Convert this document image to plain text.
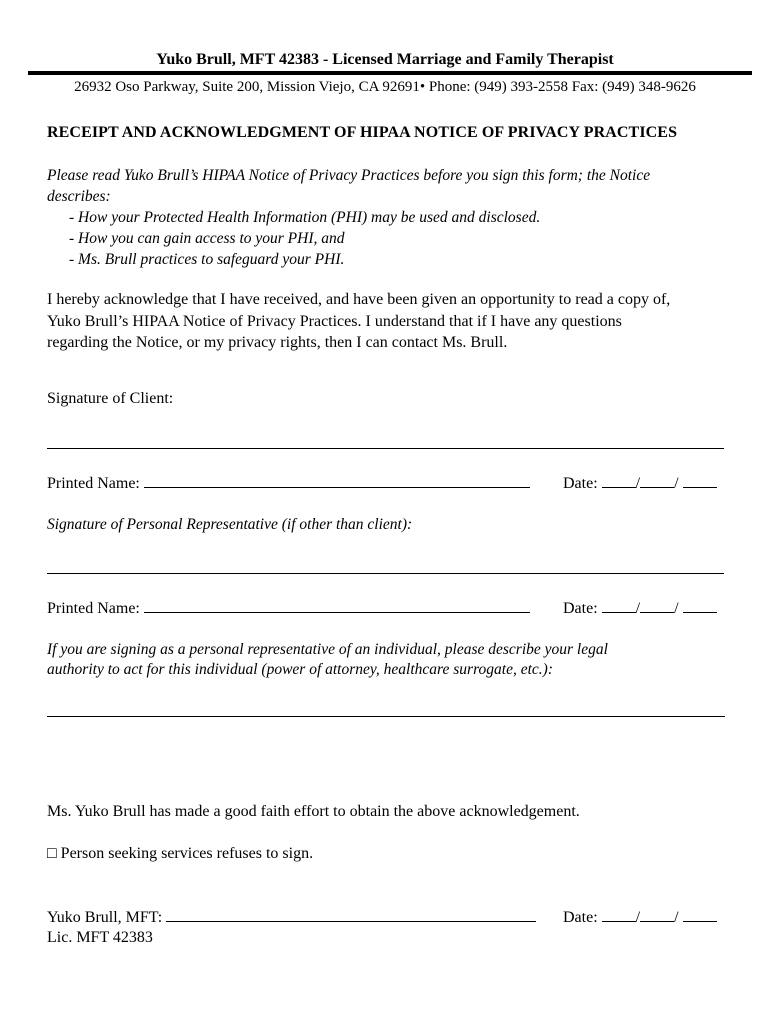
Yuko Brull, MFT 42383 - Licensed Marriage and Family Therapist
26932 Oso Parkway, Suite 200, Mission Viejo, CA 92691• Phone: (949) 393-2558 Fax: (949) 348-9626
RECEIPT AND ACKNOWLEDGMENT OF HIPAA NOTICE OF PRIVACY PRACTICES
Please read Yuko Brull’s HIPAA Notice of Privacy Practices before you sign this form; the Notice
describes:
- How your Protected Health Information (PHI) may be used and disclosed.
- How you can gain access to your PHI, and
- Ms. Brull practices to safeguard your PHI.
I hereby acknowledge that I have received, and have been given an opportunity to read a copy of,
Yuko Brull’s HIPAA Notice of Privacy Practices. I understand that if I have any questions
regarding the Notice, or my privacy rights, then I can contact Ms. Brull.
Signature of Client:
Printed Name:	Date: / /
Signature of Personal Representative (if other than client):
Printed Name:	Date: / /
If you are signing as a personal representative of an individual, please describe your legal
authority to act for this individual (power of attorney, healthcare surrogate, etc.):
Ms. Yuko Brull has made a good faith effort to obtain the above acknowledgement.
□ Person seeking services refuses to sign.
Yuko Brull, MFT:	Date: / /
Lic. MFT 42383
